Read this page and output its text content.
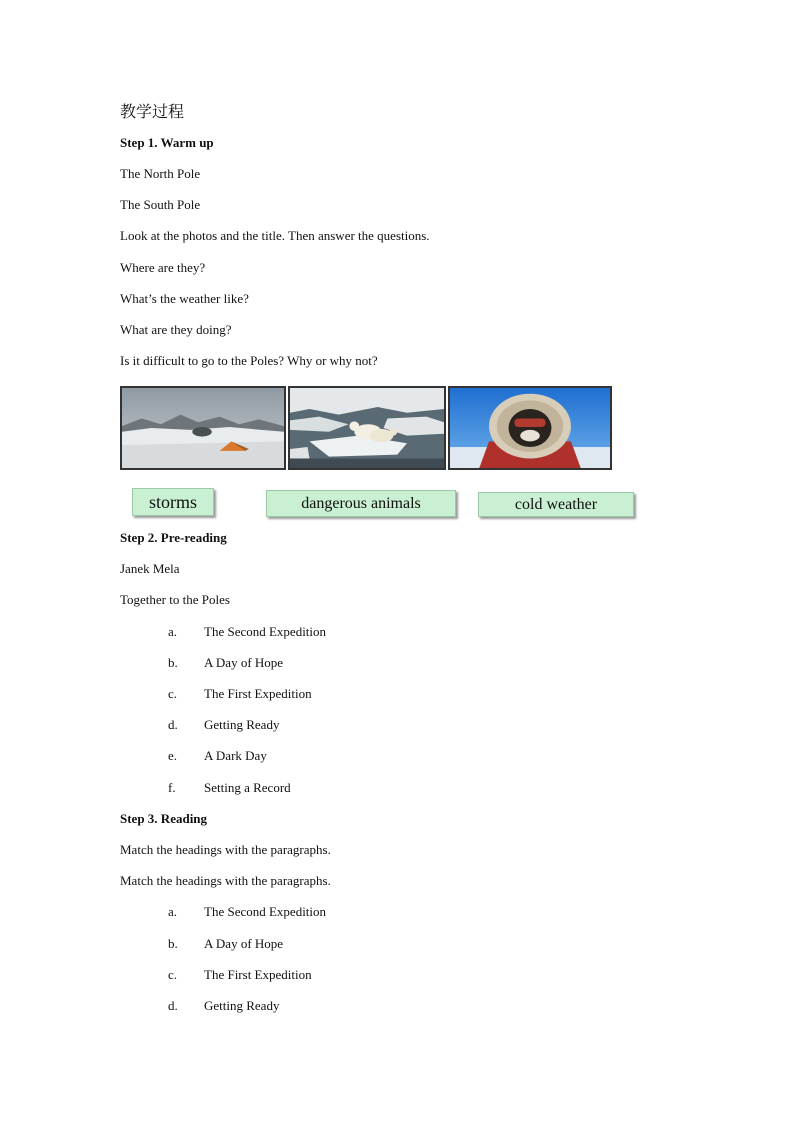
教学过程
Step 1. Warm up
The North Pole
The South Pole
Look at the photos and the title. Then answer the questions.
Where are they?
What’s the weather like?
What are they doing?
Is it difficult to go to the Poles? Why or why not?
storms	dangerous animals	cold weather
Step 2. Pre-reading
Janek Mela
Together to the Poles
a. The Second Expedition
b. A Day of Hope
c. The First Expedition
d. Getting Ready
e. A Dark Day
f. Setting a Record
Step 3. Reading
Match the headings with the paragraphs.
Match the headings with the paragraphs.
a. The Second Expedition
b. A Day of Hope
c. The First Expedition
d. Getting Ready
